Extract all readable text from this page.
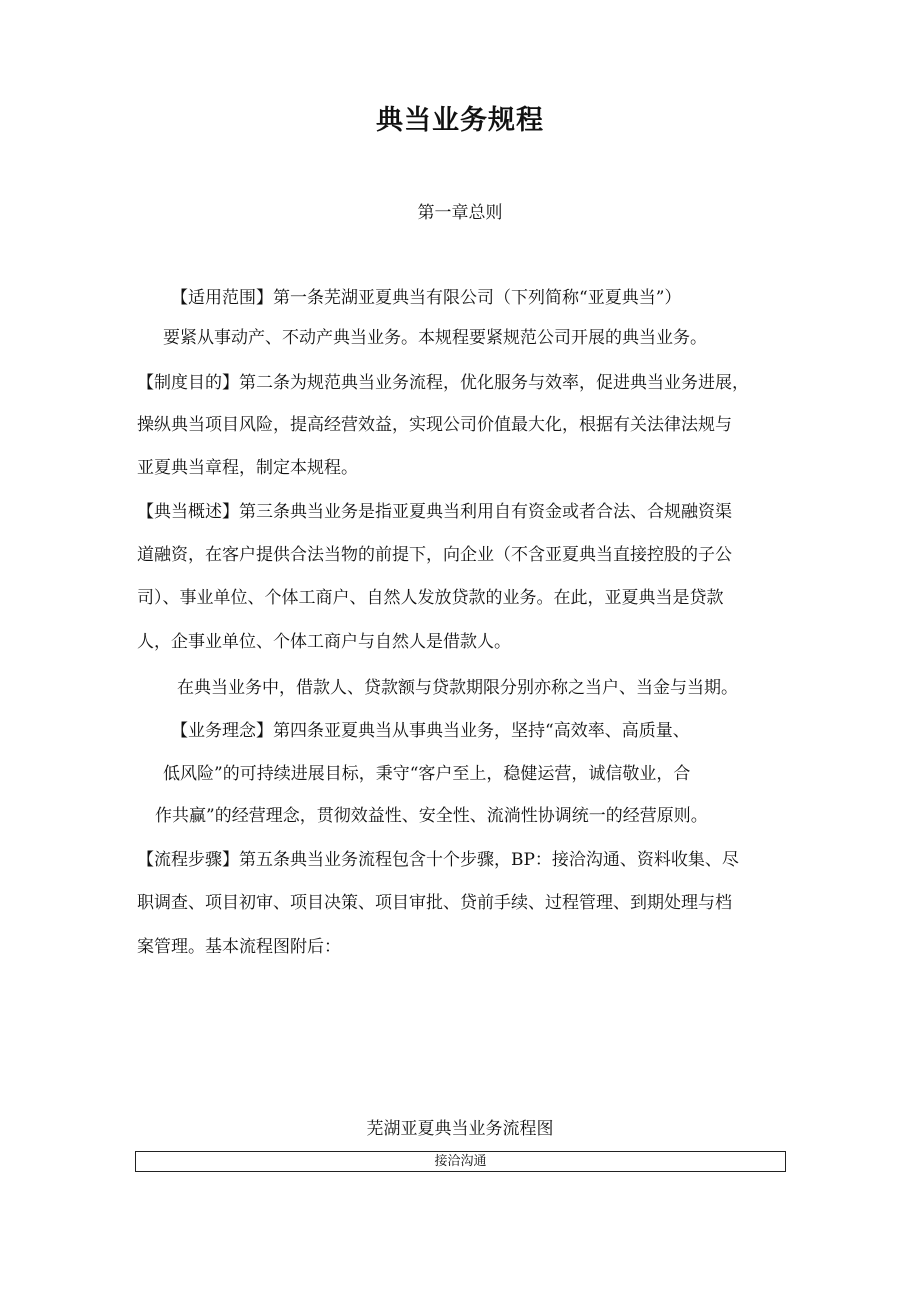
典当业务规程
第一章总则
【适用范围】第一条芜湖亚夏典当有限公司（下列简称“亚夏典当”）
要紧从事动产、不动产典当业务。本规程要紧规范公司开展的典当业务。
【制度目的】第二条为规范典当业务流程，优化服务与效率，促进典当业务进展，
操纵典当项目风险，提高经营效益，实现公司价值最大化，根据有关法律法规与
亚夏典当章程，制定本规程。
【典当概述】第三条典当业务是指亚夏典当利用自有资金或者合法、合规融资渠
道融资，在客户提供合法当物的前提下，向企业（不含亚夏典当直接控股的子公
司）、事业单位、个体工商户、自然人发放贷款的业务。在此，亚夏典当是贷款
人，企事业单位、个体工商户与自然人是借款人。
在典当业务中，借款人、贷款额与贷款期限分别亦称之当户、当金与当期。
【业务理念】第四条亚夏典当从事典当业务，坚持“高效率、高质量、
低风险”的可持续进展目标，秉守“客户至上，稳健运营，诚信敬业，合
作共赢”的经营理念，贯彻效益性、安全性、流淌性协调统一的经营原则。
【流程步骤】第五条典当业务流程包含十个步骤，BP：接洽沟通、资料收集、尽
职调查、项目初审、项目决策、项目审批、贷前手续、过程管理、到期处理与档
案管理。基本流程图附后：
芜湖亚夏典当业务流程图
接洽沟通
